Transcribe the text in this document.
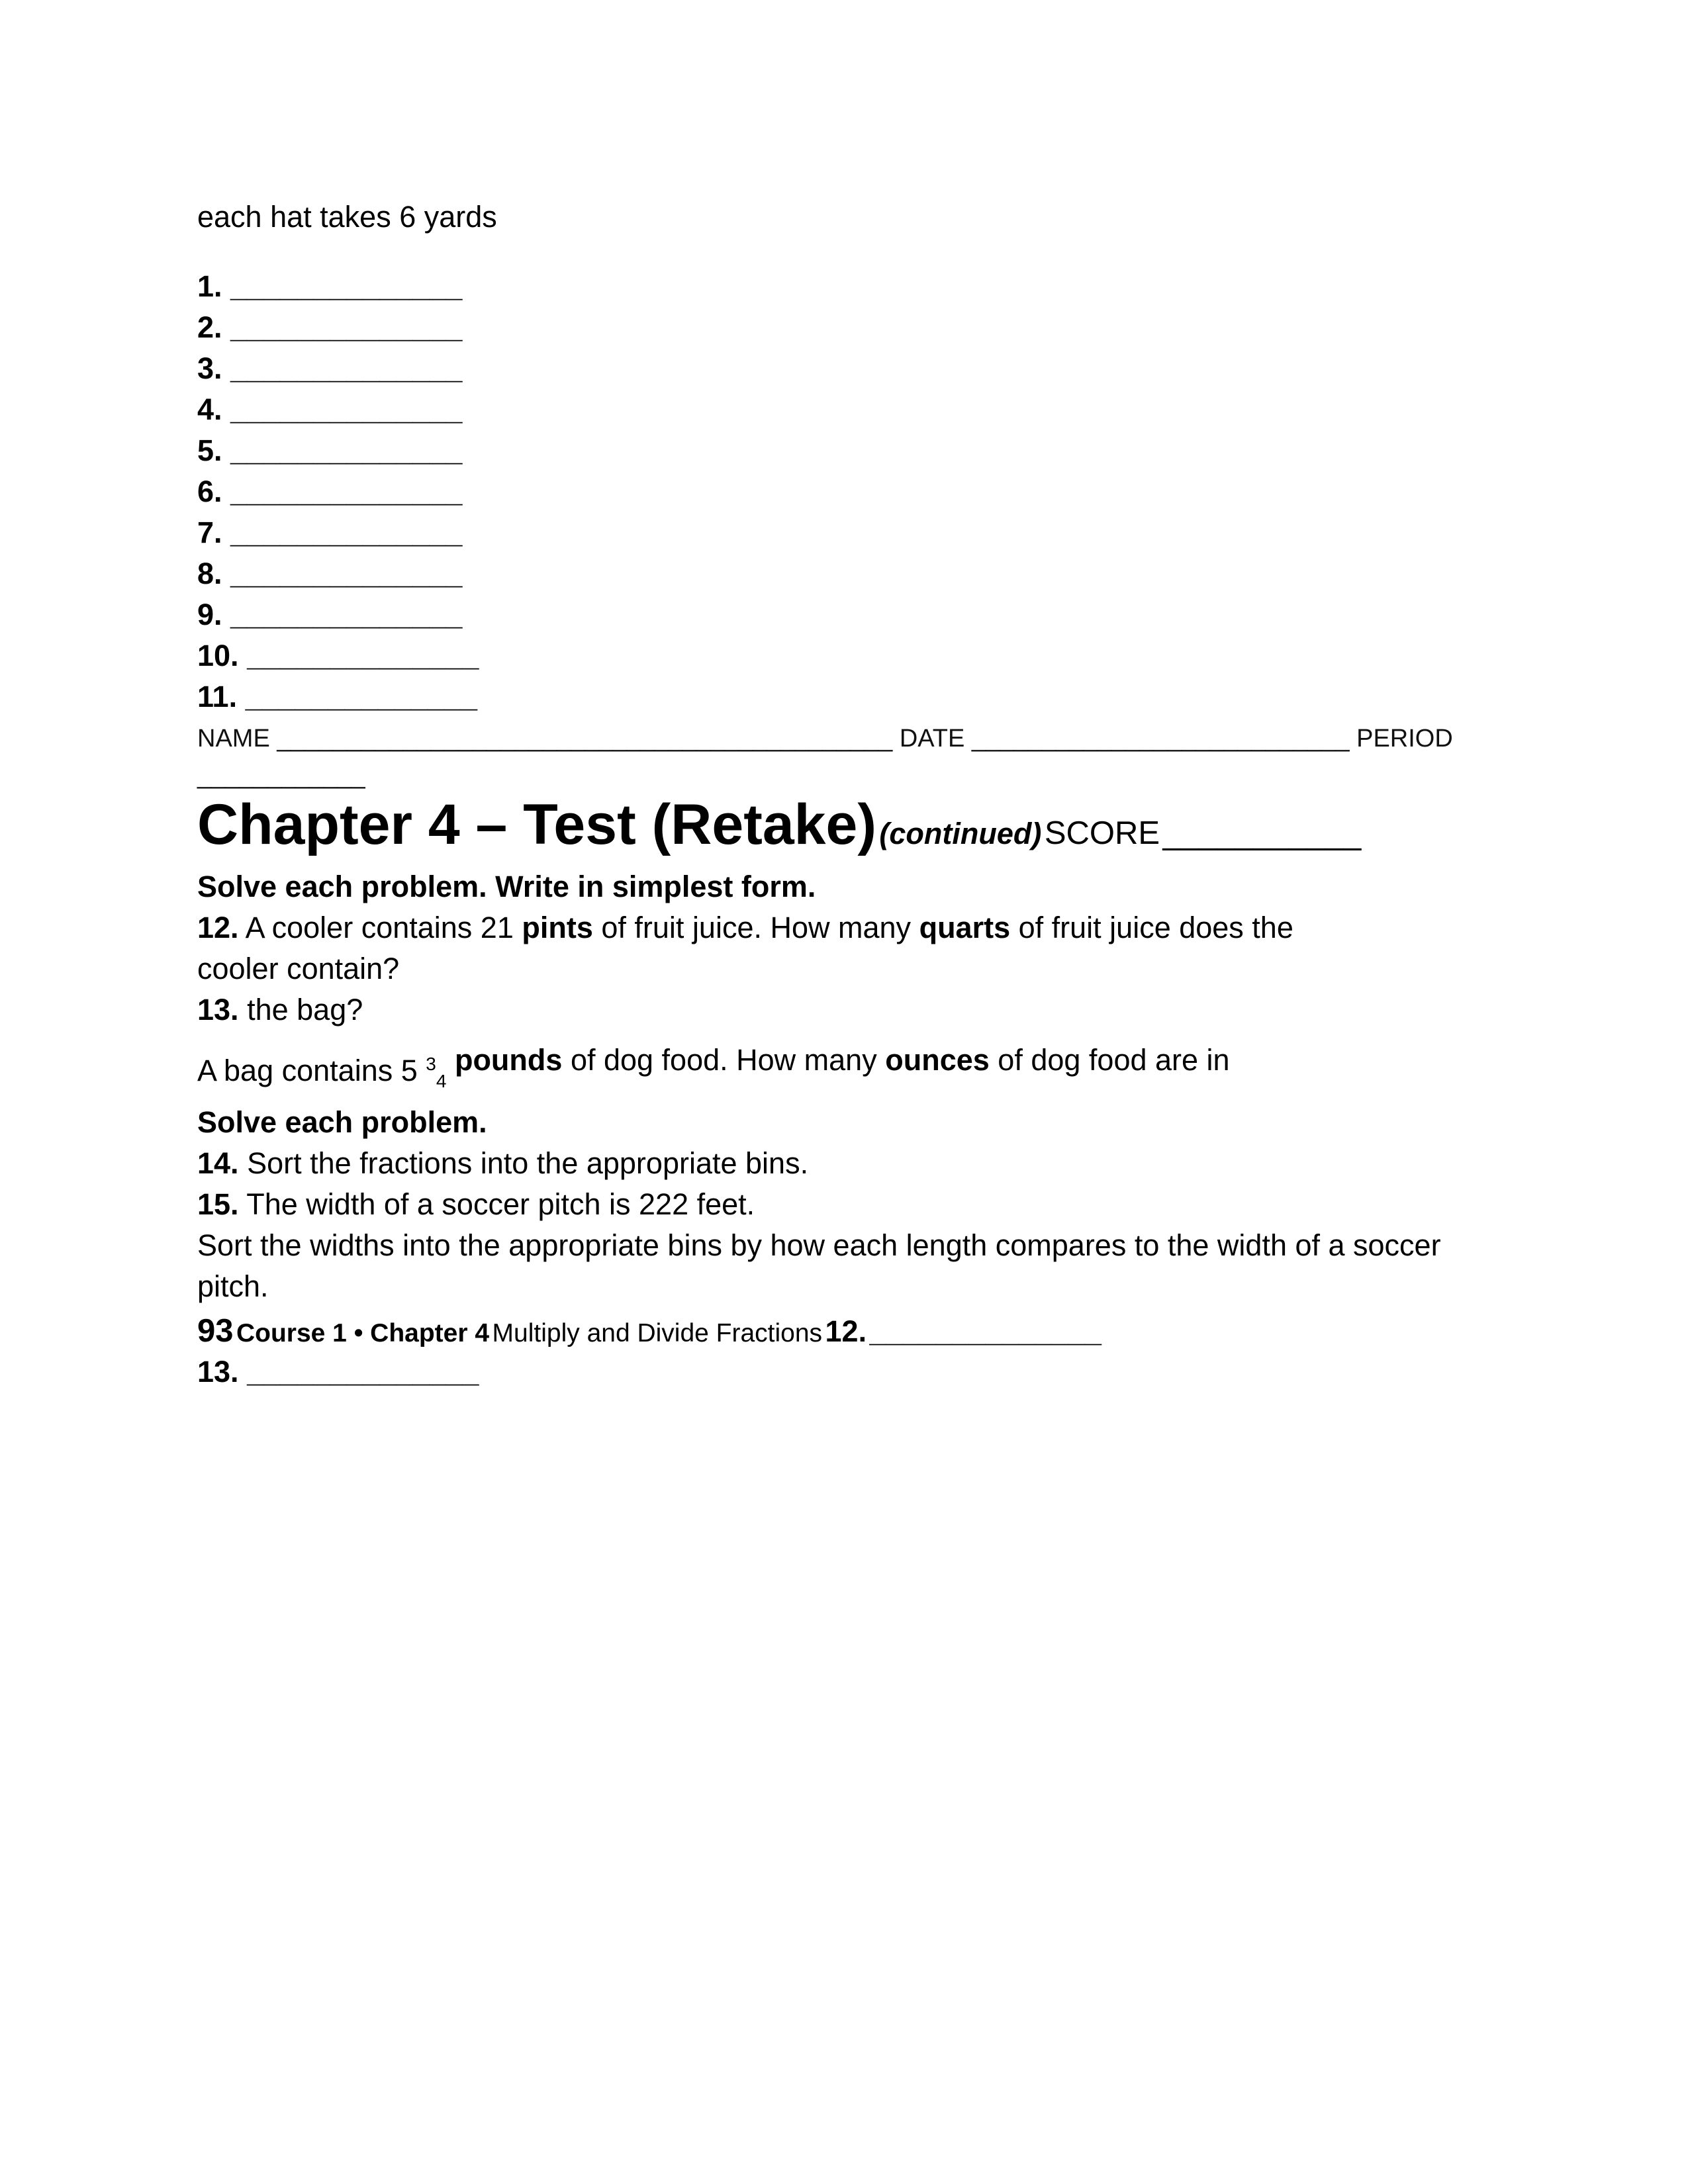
each hat takes 6 yards
1. ______________
2. ______________
3. ______________
4. ______________
5. ______________
6. ______________
7. ______________
8. ______________
9. ______________
10. ______________
11. ______________
NAME ____________________________________________ DATE ___________________________ PERIOD
____________
Chapter 4 – Test (Retake) (continued) SCORE ___________
Solve each problem. Write in simplest form.
12. A cooler contains 21 pints of fruit juice. How many quarts of fruit juice does the
cooler contain?
13. the bag?
A bag contains 5 $^3_4$ pounds of dog food. How many ounces of dog food are in
Solve each problem.
14. Sort the fractions into the appropriate bins.
15. The width of a soccer pitch is 222 feet.
Sort the widths into the appropriate bins by how each length compares to the width of a soccer
pitch.
93 Course 1 • Chapter 4 Multiply and Divide Fractions 12. ______________
13. ______________
